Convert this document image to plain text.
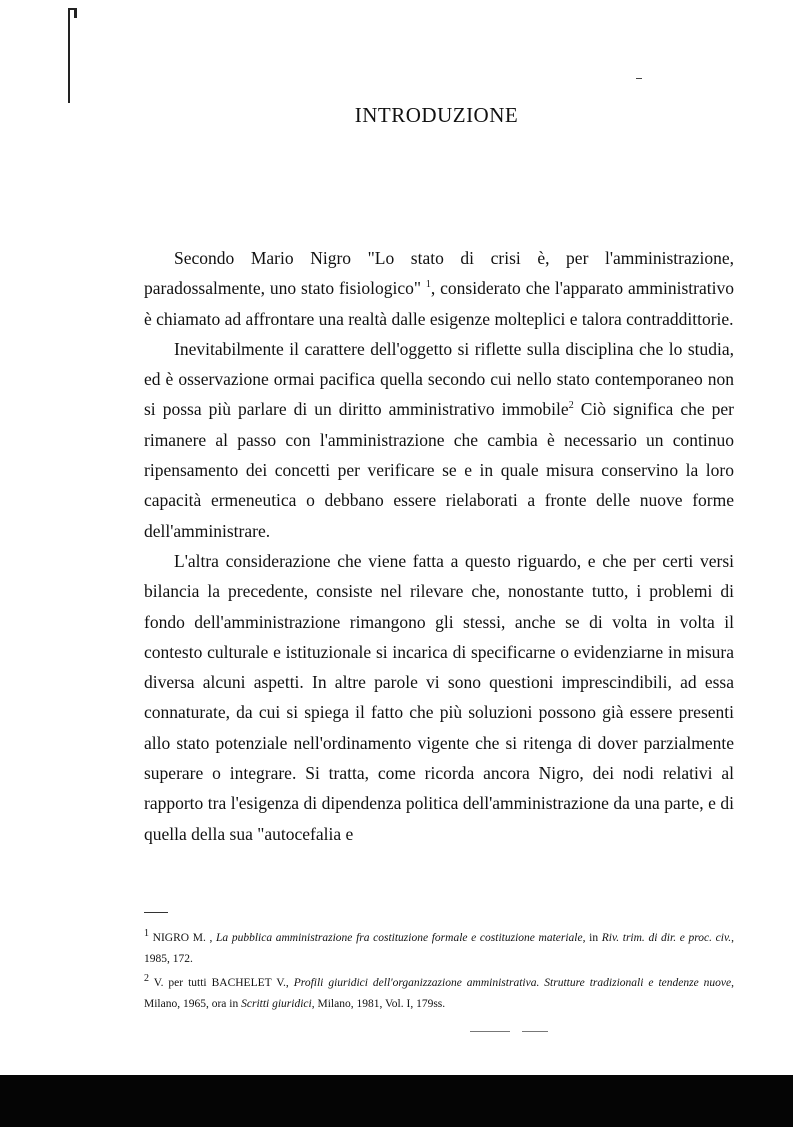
INTRODUZIONE

Secondo Mario Nigro "Lo stato di crisi è, per l'amministrazione, paradossalmente, uno stato fisiologico" $^1$, considerato che l'apparato amministrativo è chiamato ad affrontare una realtà dalle esigenze molteplici e talora contraddittorie.

Inevitabilmente il carattere dell'oggetto si riflette sulla disciplina che lo studia, ed è osservazione ormai pacifica quella secondo cui nello stato contemporaneo non si possa più parlare di un diritto amministrativo immobile$^2$ Ciò significa che per rimanere al passo con l'amministrazione che cambia è necessario un continuo ripensamento dei concetti per verificare se e in quale misura conservino la loro capacità ermeneutica o debbano essere rielaborati a fronte delle nuove forme dell'amministrare.

L'altra considerazione che viene fatta a questo riguardo, e che per certi versi bilancia la precedente, consiste nel rilevare che, nonostante tutto, i problemi di fondo dell'amministrazione rimangono gli stessi, anche se di volta in volta il contesto culturale e istituzionale si incarica di specificarne o evidenziarne in misura diversa alcuni aspetti. In altre parole vi sono questioni imprescindibili, ad essa connaturate, da cui si spiega il fatto che più soluzioni possono già essere presenti allo stato potenziale nell'ordinamento vigente che si ritenga di dover parzialmente superare o integrare. Si tratta, come ricorda ancora Nigro, dei nodi relativi al rapporto tra l'esigenza di dipendenza politica dell'amministrazione da una parte, e di quella della sua "autocefalia e

$^1$ NIGRO M. , La pubblica amministrazione fra costituzione formale e costituzione materiale, in Riv. trim. di dir. e proc. civ., 1985, 172.

$^2$ V. per tutti BACHELET V., Profili giuridici dell'organizzazione amministrativa. Strutture tradizionali e tendenze nuove, Milano, 1965, ora in Scritti giuridici, Milano, 1981, Vol. I, 179ss.
